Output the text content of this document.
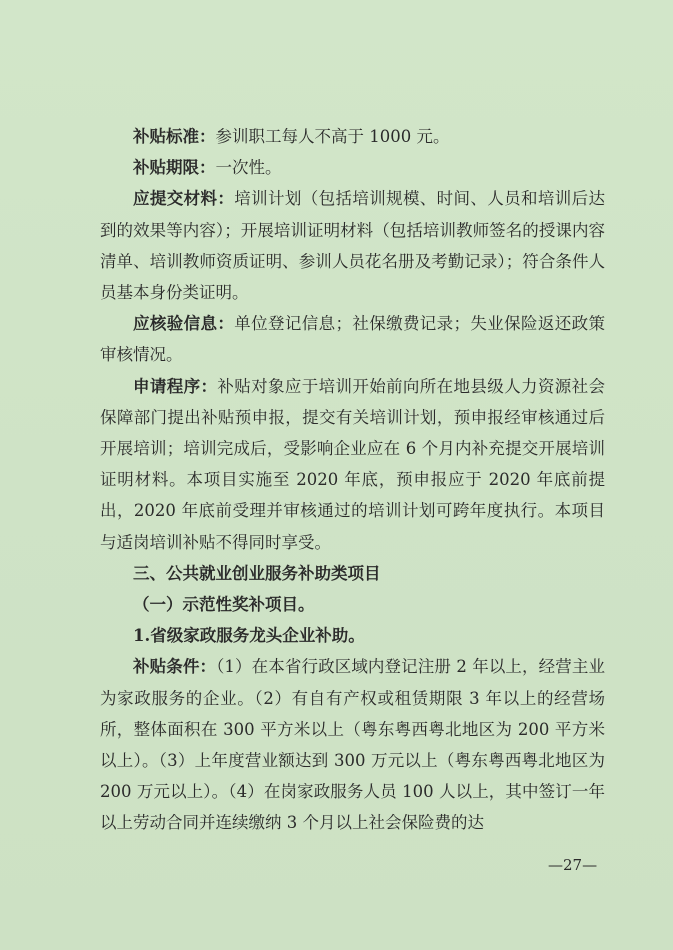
补贴标准：参训职工每人不高于 1000 元。

补贴期限：一次性。

应提交材料：培训计划（包括培训规模、时间、人员和培训后达到的效果等内容）；开展培训证明材料（包括培训教师签名的授课内容清单、培训教师资质证明、参训人员花名册及考勤记录）；符合条件人员基本身份类证明。

应核验信息：单位登记信息；社保缴费记录；失业保险返还政策审核情况。

申请程序：补贴对象应于培训开始前向所在地县级人力资源社会保障部门提出补贴预申报，提交有关培训计划，预申报经审核通过后开展培训；培训完成后，受影响企业应在 6 个月内补充提交开展培训证明材料。本项目实施至 2020 年底，预申报应于 2020 年底前提出，2020 年底前受理并审核通过的培训计划可跨年度执行。本项目与适岗培训补贴不得同时享受。

三、公共就业创业服务补助类项目

（一）示范性奖补项目。

1.省级家政服务龙头企业补助。

补贴条件：（1）在本省行政区域内登记注册 2 年以上，经营主业为家政服务的企业。（2）有自有产权或租赁期限 3 年以上的经营场所，整体面积在 300 平方米以上（粤东粤西粤北地区为 200 平方米以上）。（3）上年度营业额达到 300 万元以上（粤东粤西粤北地区为 200 万元以上）。（4）在岗家政服务人员 100 人以上，其中签订一年以上劳动合同并连续缴纳 3 个月以上社会保险费的达

—27—
